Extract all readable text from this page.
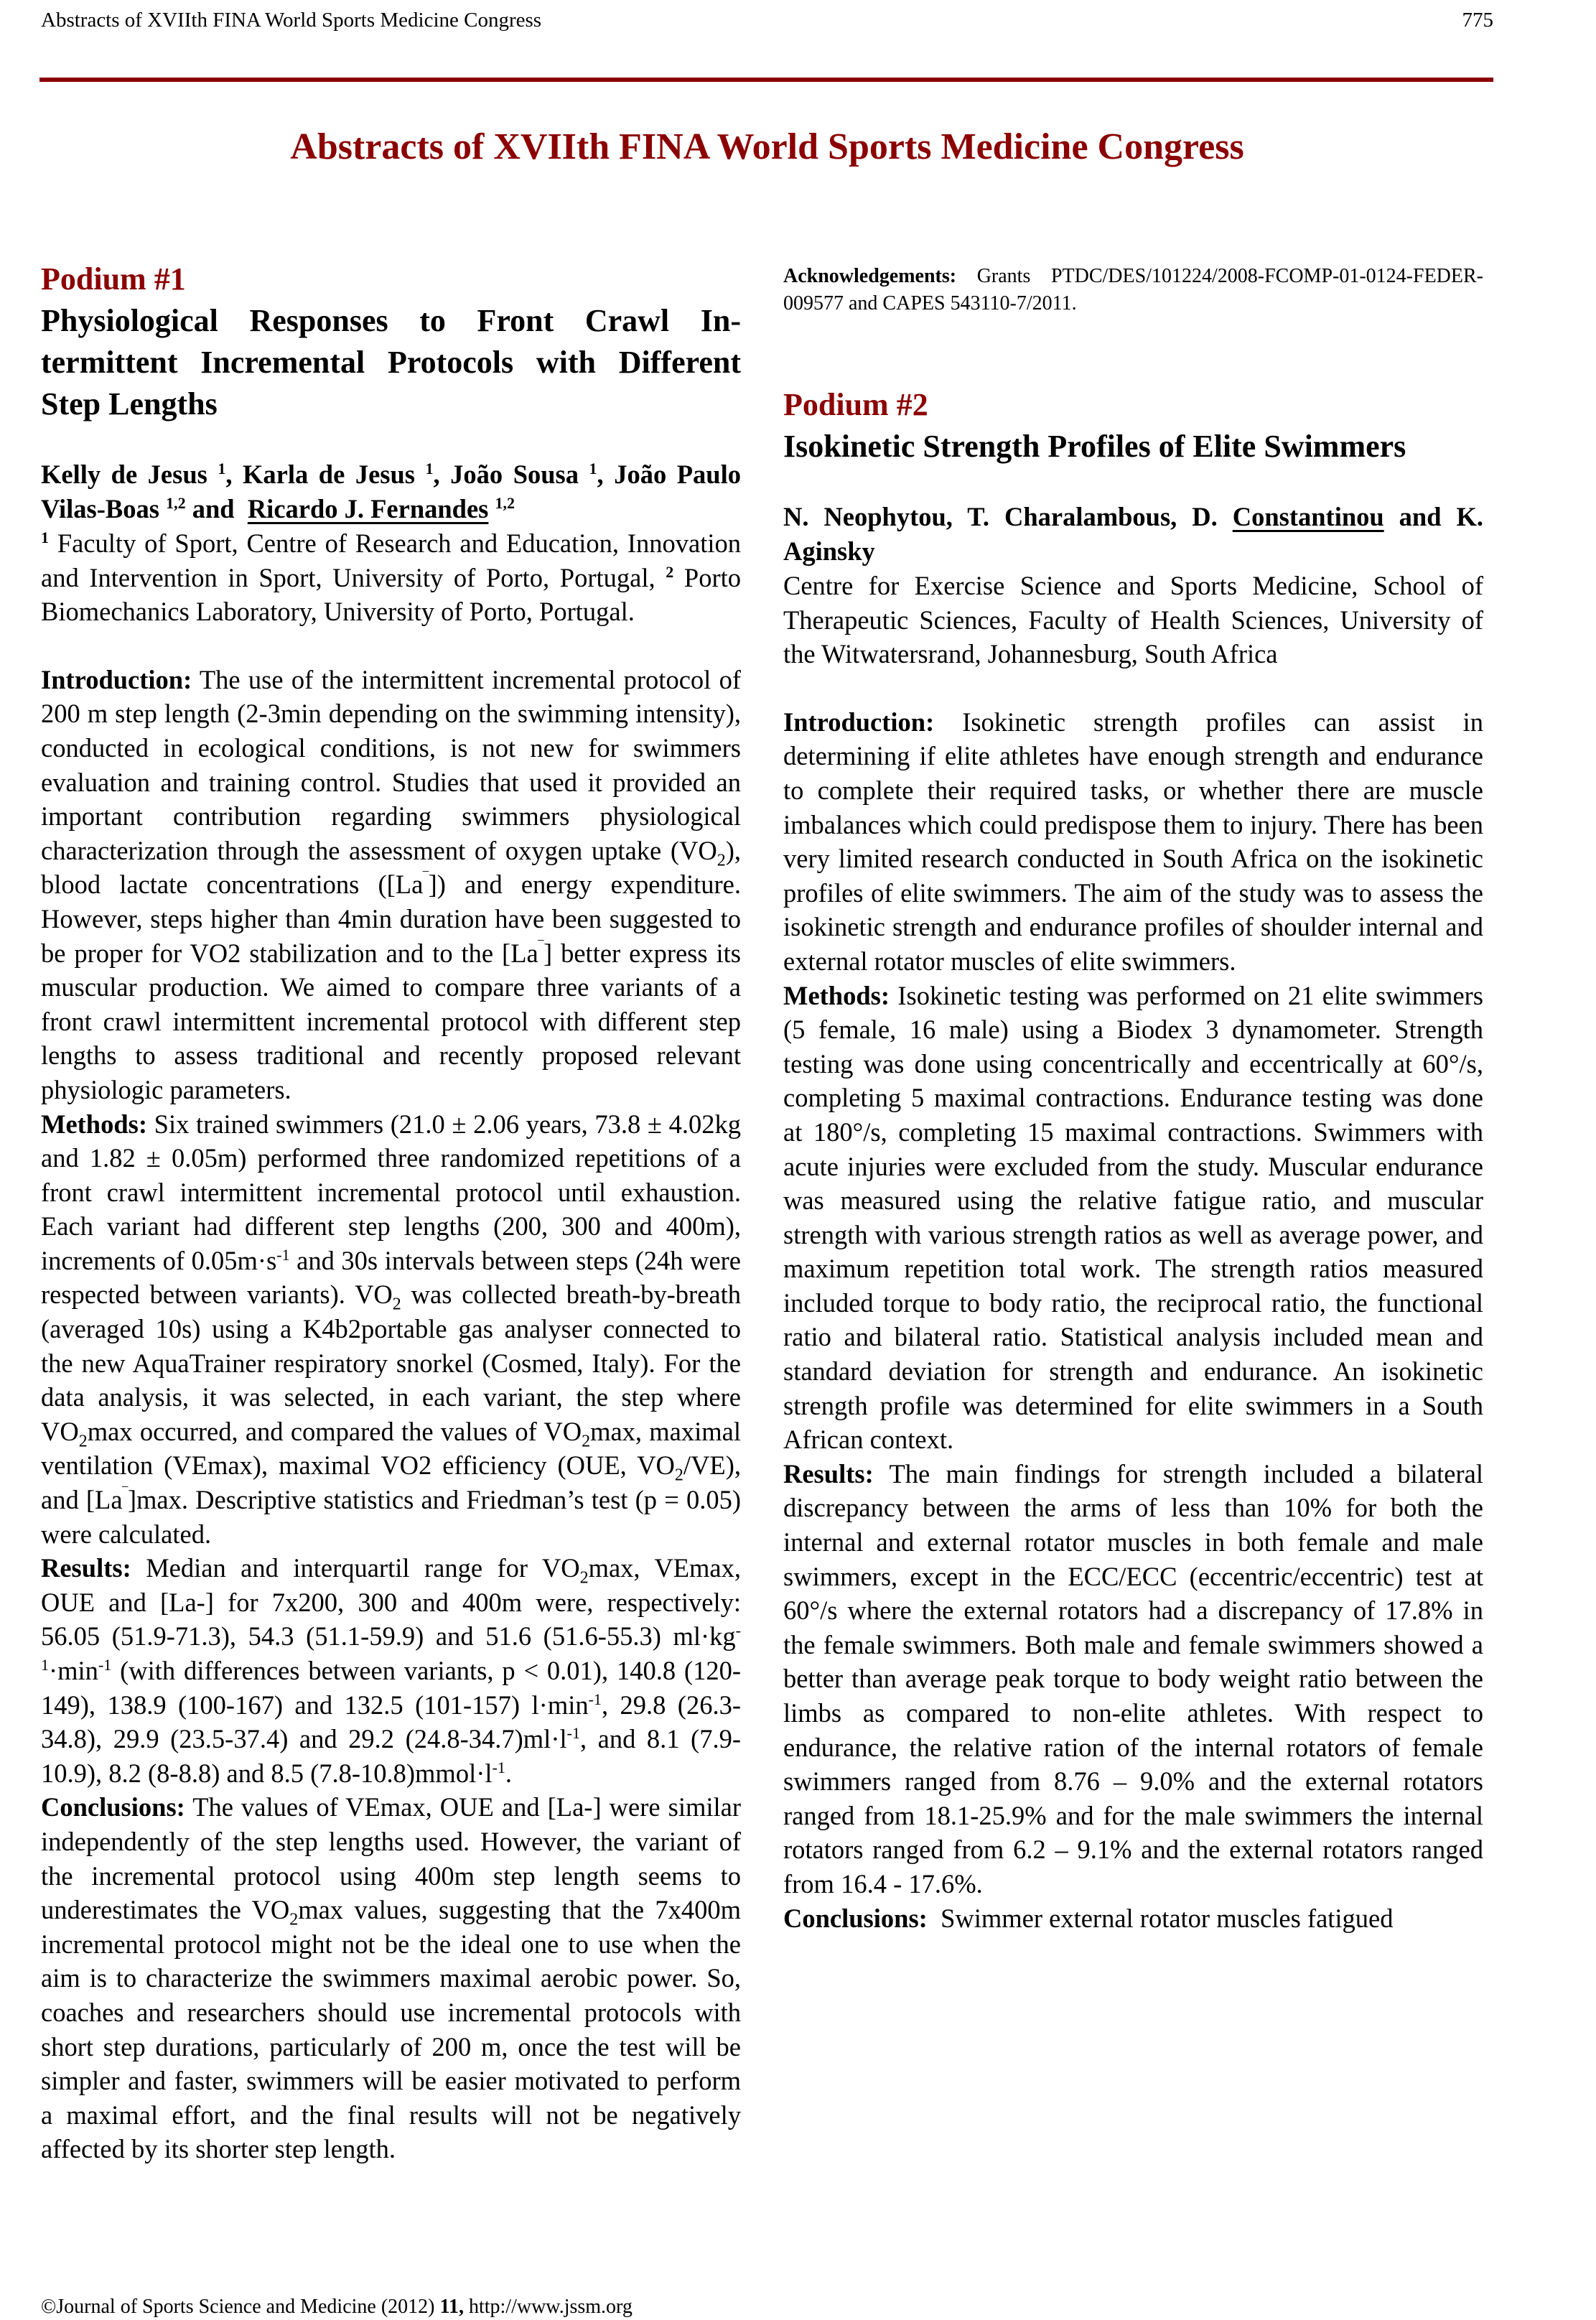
Abstracts of XVIIth FINA World Sports Medicine Congress	775
Abstracts of XVIIth FINA World Sports Medicine Congress

Podium #1

Physiological Responses to Front Crawl Intermittent Incremental Protocols with Different Step Lengths
Kelly de Jesus $^1$, Karla de Jesus $^1$, João Sousa $^1$, João Paulo Vilas-Boas $^{1,2}$ and Ricardo J. Fernandes $^{1,2}$

$^1$ Faculty of Sport, Centre of Research and Education, Innovation and Intervention in Sport, University of Porto, Portugal, $^2$ Porto Biomechanics Laboratory, University of Porto, Portugal.

Introduction: The use of the intermittent incremental protocol of 200 m step length (2-3min depending on the swimming intensity), conducted in ecological conditions, is not new for swimmers evaluation and training control. Studies that used it provided an important contribution regarding swimmers physiological characterization through the assessment of oxygen uptake $(VO_2)$, blood lactate concentrations ([La‾]) and energy expenditure. However, steps higher than 4min duration have been suggested to be proper for VO2 stabilization and to the [La‾] better express its muscular production. We aimed to compare three variants of a front crawl intermittent incremental protocol with different step lengths to assess traditional and recently proposed relevant physiologic parameters.

Methods: Six trained swimmers (21.0 ± 2.06 years, 73.8 ± 4.02kg and 1.82 ± 0.05m) performed three randomized repetitions of a front crawl intermittent incremental protocol until exhaustion. Each variant had different step lengths (200, 300 and 400m), increments of $0.05m\cdot s^{-1}$ and 30s intervals between steps (24h were respected between variants). $VO_2$ was collected breath-by-breath (averaged 10s) using a K4b2portable gas analyser connected to the new AquaTrainer respiratory snorkel (Cosmed, Italy). For the data analysis, it was selected, in each variant, the step where $VO_2\max$ occurred, and compared the values of $VO_2\max$, maximal ventilation (VEmax), maximal VO2 efficiency (OUE, $VO_2/VE$), and [La‾]max. Descriptive statistics and Friedman’s test (p = 0.05) were calculated.

Results: Median and interquartil range for $VO_2\max$, VEmax, OUE and [La-] for 7x200, 300 and 400m were, respectively: 56.05 (51.9-71.3), 54.3 (51.1-59.9) and 51.6 (51.6-55.3) $ml\cdot kg^{-1}\cdot\min^{-1}$ (with differences between variants, p < 0.01), 140.8 (120-149), 138.9 (100-167) and 132.5 (101-157) $l\cdot\min^{-1}$, 29.8 (26.3-34.8), 29.9 (23.5-37.4) and 29.2 $(24.8-34.7)ml\cdot l^{-1}$, and 8.1 (7.9-10.9), 8.2 (8-8.8) and 8.5 $(7.8-10.8)mmol\cdot l^{-1}$.

Conclusions: The values of VEmax, OUE and [La-] were similar independently of the step lengths used. However, the variant of the incremental protocol using 400m step length seems to underestimates the $VO_2\max$ values, suggesting that the 7x400m incremental protocol might not be the ideal one to use when the aim is to characterize the swimmers maximal aerobic power. So, coaches and researchers should use incremental protocols with short step durations, particularly of 200 m, once the test will be simpler and faster, swimmers will be easier motivated to perform a maximal effort, and the final results will not be negatively affected by its shorter step length.

Acknowledgements: Grants PTDC/DES/101224/2008-FCOMP-01-0124-FEDER-009577 and CAPES 543110-7/2011.

Podium #2

Isokinetic Strength Profiles of Elite Swimmers
N. Neophytou, T. Charalambous, D. Constantinou and K. Aginsky

Centre for Exercise Science and Sports Medicine, School of Therapeutic Sciences, Faculty of Health Sciences, University of the Witwatersrand, Johannesburg, South Africa

Introduction: Isokinetic strength profiles can assist in determining if elite athletes have enough strength and endurance to complete their required tasks, or whether there are muscle imbalances which could predispose them to injury. There has been very limited research conducted in South Africa on the isokinetic profiles of elite swimmers. The aim of the study was to assess the isokinetic strength and endurance profiles of shoulder internal and external rotator muscles of elite swimmers.

Methods: Isokinetic testing was performed on 21 elite swimmers (5 female, 16 male) using a Biodex 3 dynamometer. Strength testing was done using concentrically and eccentrically at 60°/s, completing 5 maximal contractions. Endurance testing was done at 180°/s, completing 15 maximal contractions. Swimmers with acute injuries were excluded from the study. Muscular endurance was measured using the relative fatigue ratio, and muscular strength with various strength ratios as well as average power, and maximum repetition total work. The strength ratios measured included torque to body ratio, the reciprocal ratio, the functional ratio and bilateral ratio. Statistical analysis included mean and standard deviation for strength and endurance. An isokinetic strength profile was determined for elite swimmers in a South African context.

Results: The main findings for strength included a bilateral discrepancy between the arms of less than 10% for both the internal and external rotator muscles in both female and male swimmers, except in the ECC/ECC (eccentric/eccentric) test at 60°/s where the external rotators had a discrepancy of 17.8% in the female swimmers. Both male and female swimmers showed a better than average peak torque to body weight ratio between the limbs as compared to non-elite athletes. With respect to endurance, the relative ration of the internal rotators of female swimmers ranged from 8.76 – 9.0% and the external rotators ranged from 18.1-25.9% and for the male swimmers the internal rotators ranged from 6.2 – 9.1% and the external rotators ranged from 16.4 - 17.6%.

Conclusions: Swimmer external rotator muscles fatigued

©Journal of Sports Science and Medicine (2012) 11, http://www.jssm.org
